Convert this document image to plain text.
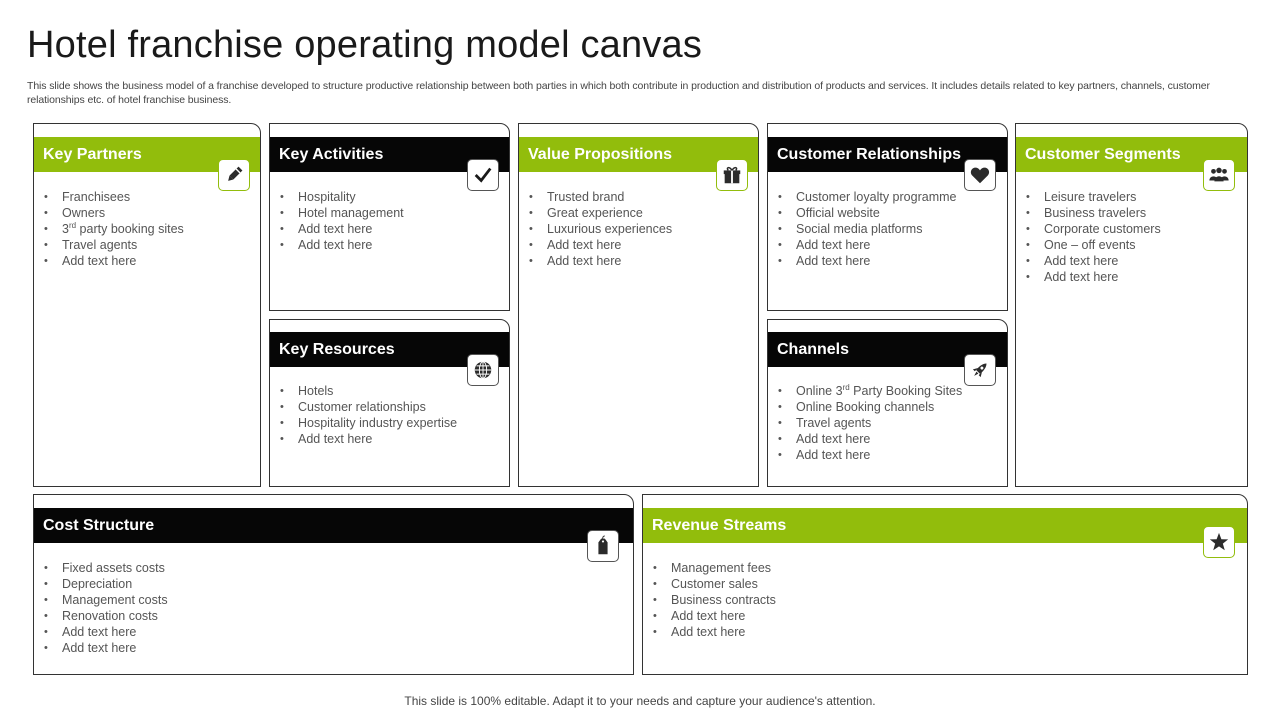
Hotel franchise operating model canvas
This slide shows the business model of a franchise developed to structure productive relationship between both parties in which both contribute in production and distribution of products and services. It includes details related to key partners, channels, customer relationships etc. of hotel franchise business.
Key Partners
• Franchisees
• Owners
• 3rd party booking sites
• Travel agents
• Add text here
Key Activities
• Hospitality
• Hotel management
• Add text here
• Add text here
Value Propositions
• Trusted brand
• Great experience
• Luxurious experiences
• Add text here
• Add text here
Customer Relationships
• Customer loyalty programme
• Official website
• Social media platforms
• Add text here
• Add text here
Customer Segments
• Leisure travelers
• Business travelers
• Corporate customers
• One – off events
• Add text here
• Add text here
Key Resources
• Hotels
• Customer relationships
• Hospitality industry expertise
• Add text here
Channels
• Online 3rd Party Booking Sites
• Online Booking channels
• Travel agents
• Add text here
• Add text here
Cost Structure
• Fixed assets costs
• Depreciation
• Management costs
• Renovation costs
• Add text here
• Add text here
Revenue Streams
• Management fees
• Customer sales
• Business contracts
• Add text here
• Add text here
This slide is 100% editable. Adapt it to your needs and capture your audience's attention.
